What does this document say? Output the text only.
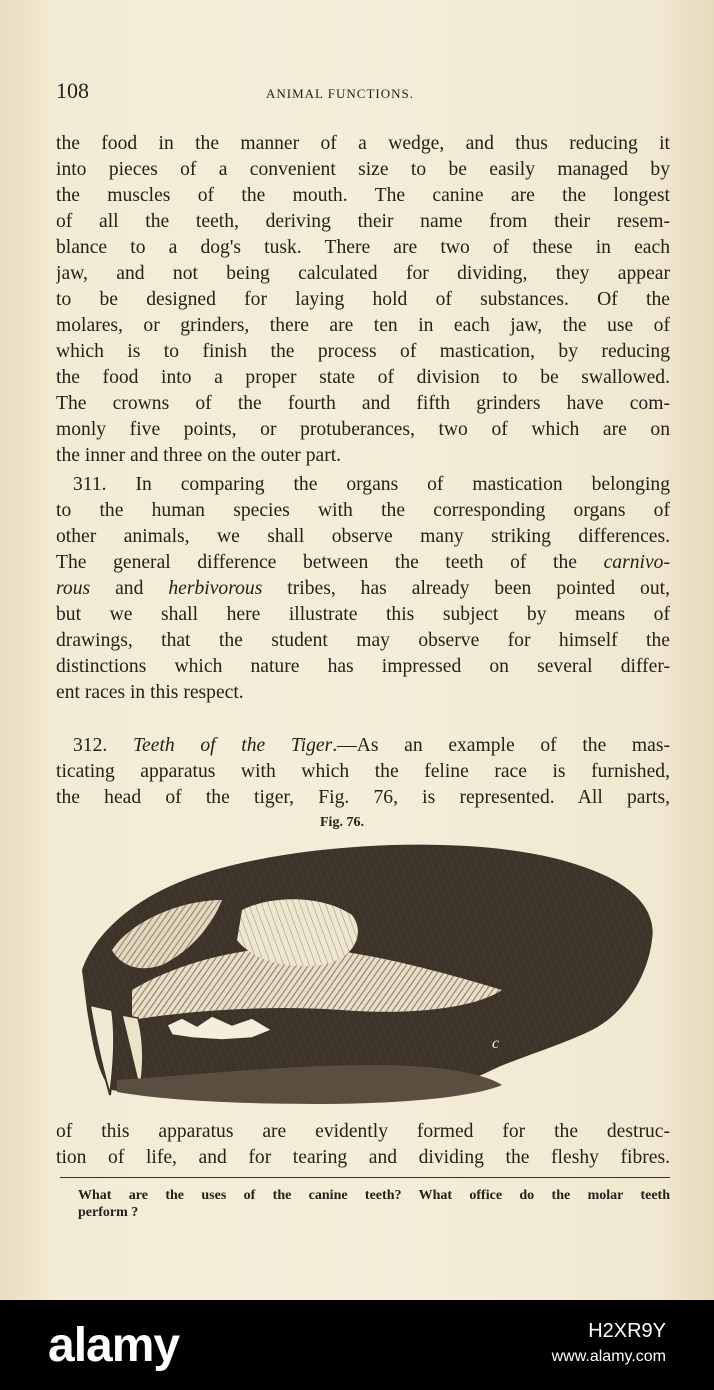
108	ANIMAL FUNCTIONS.

the food in the manner of a wedge, and thus reducing it
into pieces of a convenient size to be easily managed by
the muscles of the mouth. The canine are the longest
of all the teeth, deriving their name from their resem-
blance to a dog's tusk. There are two of these in each
jaw, and not being calculated for dividing, they appear
to be designed for laying hold of substances. Of the
molares, or grinders, there are ten in each jaw, the use of
which is to finish the process of mastication, by reducing
the food into a proper state of division to be swallowed.
The crowns of the fourth and fifth grinders have com-
monly five points, or protuberances, two of which are on
the inner and three on the outer part.

311. In comparing the organs of mastication belonging
to the human species with the corresponding organs of
other animals, we shall observe many striking differences.
The general difference between the teeth of the carnivo-
rous and herbivorous tribes, has already been pointed out,
but we shall here illustrate this subject by means of
drawings, that the student may observe for himself the
distinctions which nature has impressed on several differ-
ent races in this respect.

312. Teeth of the Tiger.—As an example of the mas-
ticating apparatus with which the feline race is furnished,
the head of the tiger, Fig. 76, is represented. All parts,

Fig. 76.
c

of this apparatus are evidently formed for the destruc-
tion of life, and for tearing and dividing the fleshy fibres.

What are the uses of the canine teeth? What office do the molar teeth
perform ?

alamy	H2XR9Y
www.alamy.com
